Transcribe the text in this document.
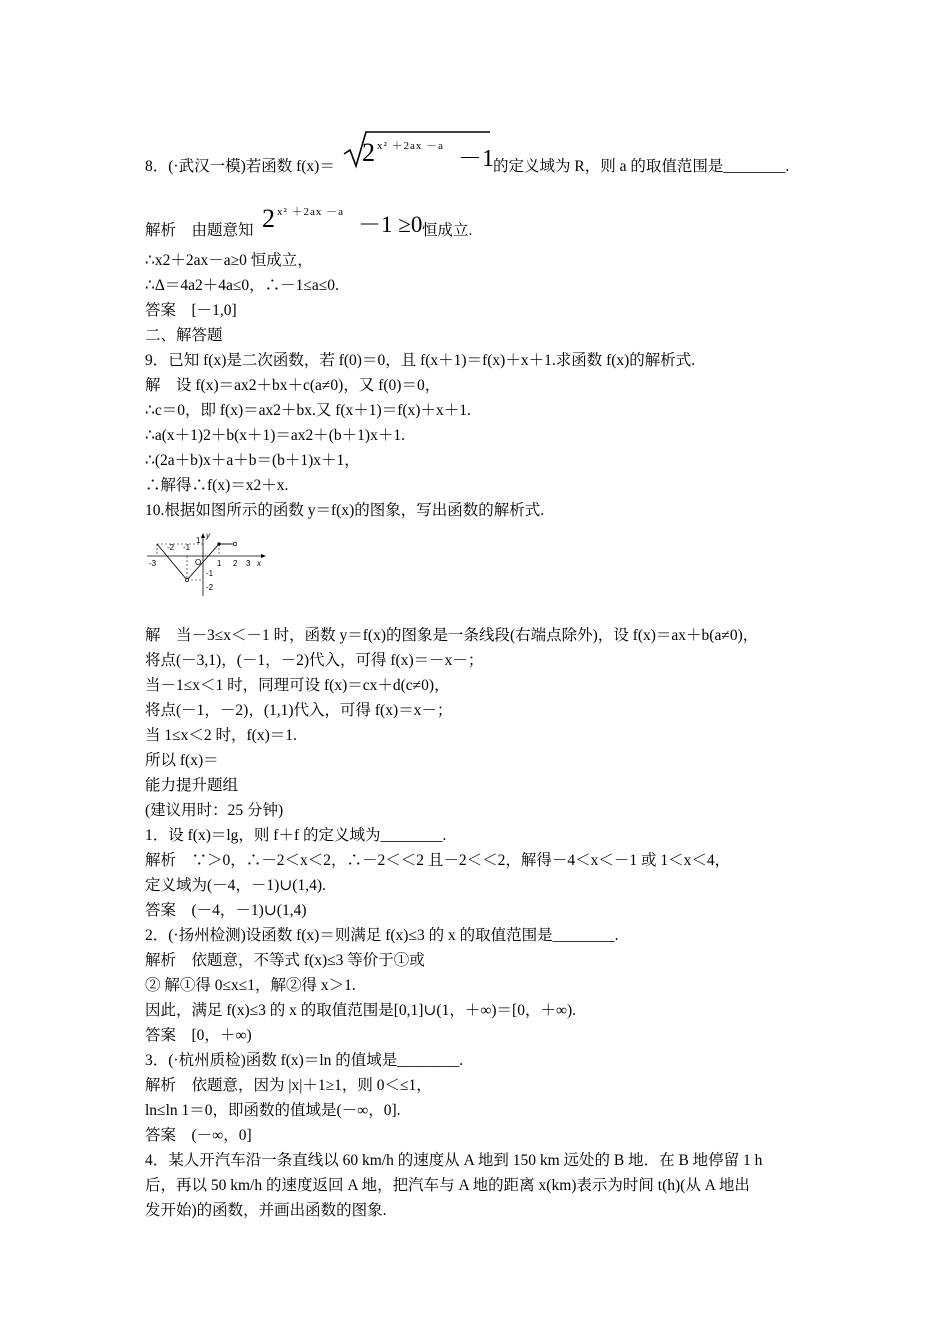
8．(·武汉一模)若函数 f(x)＝ 2 x² ＋2ax －a －1 的定义域为 R，则 a 的取值范围是________.
解析　由题意知 2 x² ＋2ax －a －1 ≥0 恒成立.
∴x2＋2ax－a≥0 恒成立，
∴Δ＝4a2＋4a≤0，∴－1≤a≤0.
答案　[－1,0]
二、解答题
9．已知 f(x)是二次函数，若 f(0)＝0，且 f(x＋1)＝f(x)＋x＋1.求函数 f(x)的解析式.
解　设 f(x)＝ax2＋bx＋c(a≠0)，又 f(0)＝0，
∴c＝0，即 f(x)＝ax2＋bx.又 f(x＋1)＝f(x)＋x＋1.
∴a(x＋1)2＋b(x＋1)＝ax2＋(b＋1)x＋1.
∴(2a＋b)x＋a＋b＝(b＋1)x＋1，
∴解得∴f(x)＝x2＋x.
10.根据如图所示的函数 y＝f(x)的图象，写出函数的解析式.
y
x
O
-3
-2 -1
1 2 3
1
-1
-2
解　当－3≤x＜－1 时，函数 y＝f(x)的图象是一条线段(右端点除外)，设 f(x)＝ax＋b(a≠0)，
将点(－3,1)，(－1，－2)代入，可得 f(x)＝－x－；
当－1≤x＜1 时，同理可设 f(x)＝cx＋d(c≠0)，
将点(－1，－2)，(1,1)代入，可得 f(x)＝x－；
当 1≤x＜2 时，f(x)＝1.
所以 f(x)＝
能力提升题组
(建议用时：25 分钟)
1．设 f(x)＝lg，则 f＋f 的定义域为________.
解析　∵＞0，∴－2＜x＜2，∴－2＜＜2 且－2＜＜2，解得－4＜x＜－1 或 1＜x＜4，
定义域为(－4，－1)∪(1,4).
答案　(－4，－1)∪(1,4)
2．(·扬州检测)设函数 f(x)＝则满足 f(x)≤3 的 x 的取值范围是________.
解析　依题意，不等式 f(x)≤3 等价于①或
② 解①得 0≤x≤1，解②得 x＞1.
因此，满足 f(x)≤3 的 x 的取值范围是[0,1]∪(1，＋∞)＝[0，＋∞).
答案　[0，＋∞)
3．(·杭州质检)函数 f(x)＝ln 的值域是________.
解析　依题意，因为 |x|＋1≥1，则 0＜≤1，
ln≤ln 1＝0，即函数的值域是(－∞，0].
答案　(－∞，0]
4．某人开汽车沿一条直线以 60 km/h 的速度从 A 地到 150 km 远处的 B 地．在 B 地停留 1 h
后，再以 50 km/h 的速度返回 A 地，把汽车与 A 地的距离 x(km)表示为时间 t(h)(从 A 地出
发开始)的函数，并画出函数的图象.
